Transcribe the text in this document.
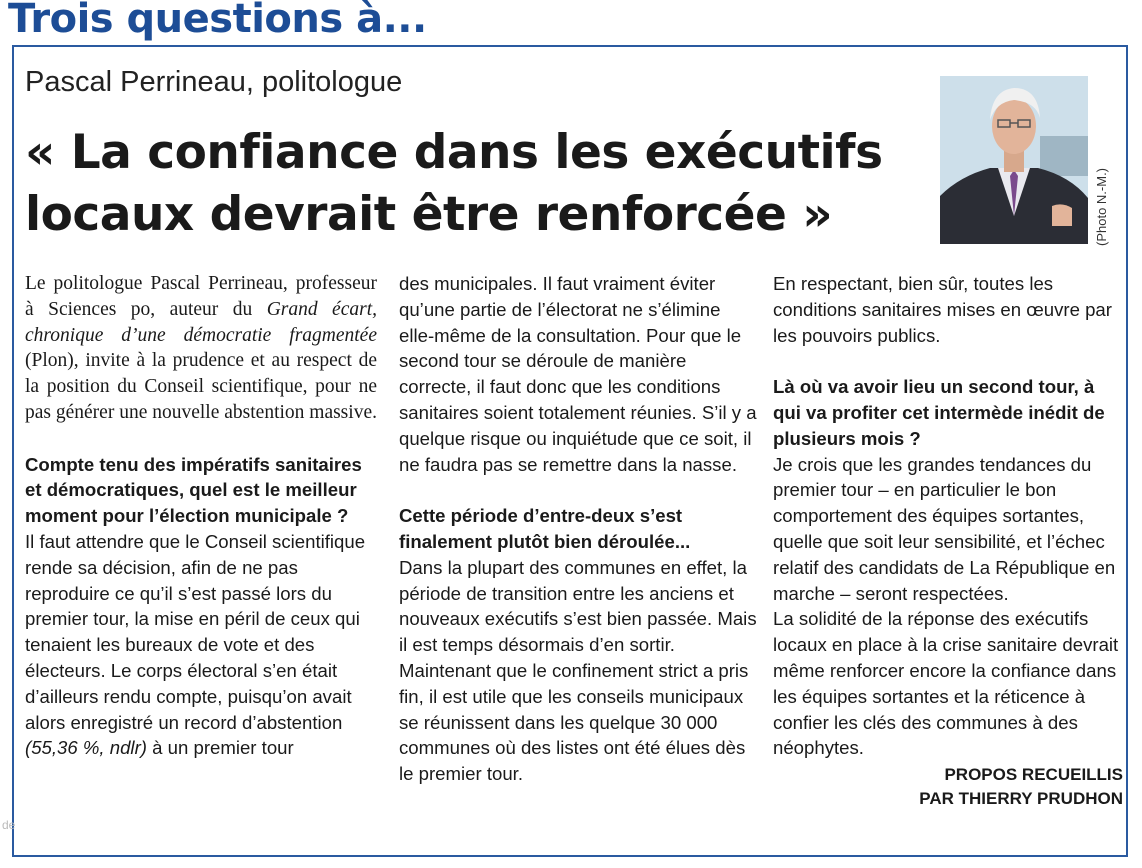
Trois questions à...
Pascal Perrineau, politologue
« La confiance dans les exécutifs
locaux devrait être renforcée »	(Photo N.-M.)

Le politologue Pascal Perrineau, professeur à Sciences po, auteur du Grand écart, chronique d’une démocratie fragmentée (Plon), invite à la prudence et au respect de la position du Conseil scientifique, pour ne pas générer une nouvelle abstention massive.

Compte tenu des impératifs sanitaires et démocratiques, quel est le meilleur moment pour l’élection municipale ?

Il faut attendre que le Conseil scientifique rende sa décision, afin de ne pas reproduire ce qu’il s’est passé lors du premier tour, la mise en péril de ceux qui tenaient les bureaux de vote et des électeurs. Le corps électoral s’en était d’ailleurs rendu compte, puisqu’on avait alors enregistré un record d’abstention (55,36 %, ndlr) à un premier tour

des municipales. Il faut vraiment éviter qu’une partie de l’électorat ne s’élimine elle-même de la consultation. Pour que le second tour se déroule de manière correcte, il faut donc que les conditions sanitaires soient totalement réunies. S’il y a quelque risque ou inquiétude que ce soit, il ne faudra pas se remettre dans la nasse.

Cette période d’entre-deux s’est finalement plutôt bien déroulée...

Dans la plupart des communes en effet, la période de transition entre les anciens et nouveaux exécutifs s’est bien passée. Mais il est temps désormais d’en sortir. Maintenant que le confinement strict a pris fin, il est utile que les conseils municipaux se réunissent dans les quelque 30 000 communes où des listes ont été élues dès le premier tour.

En respectant, bien sûr, toutes les conditions sanitaires mises en œuvre par les pouvoirs publics.

Là où va avoir lieu un second tour, à qui va profiter cet intermède inédit de plusieurs mois ?

Je crois que les grandes tendances du premier tour – en particulier le bon comportement des équipes sortantes, quelle que soit leur sensibilité, et l’échec relatif des candidats de La République en marche – seront respectées.

La solidité de la réponse des exécutifs locaux en place à la crise sanitaire devrait même renforcer encore la confiance dans les équipes sortantes et la réticence à confier les clés des communes à des néophytes.

PROPOS RECUEILLIS
PAR THIERRY PRUDHON
de
